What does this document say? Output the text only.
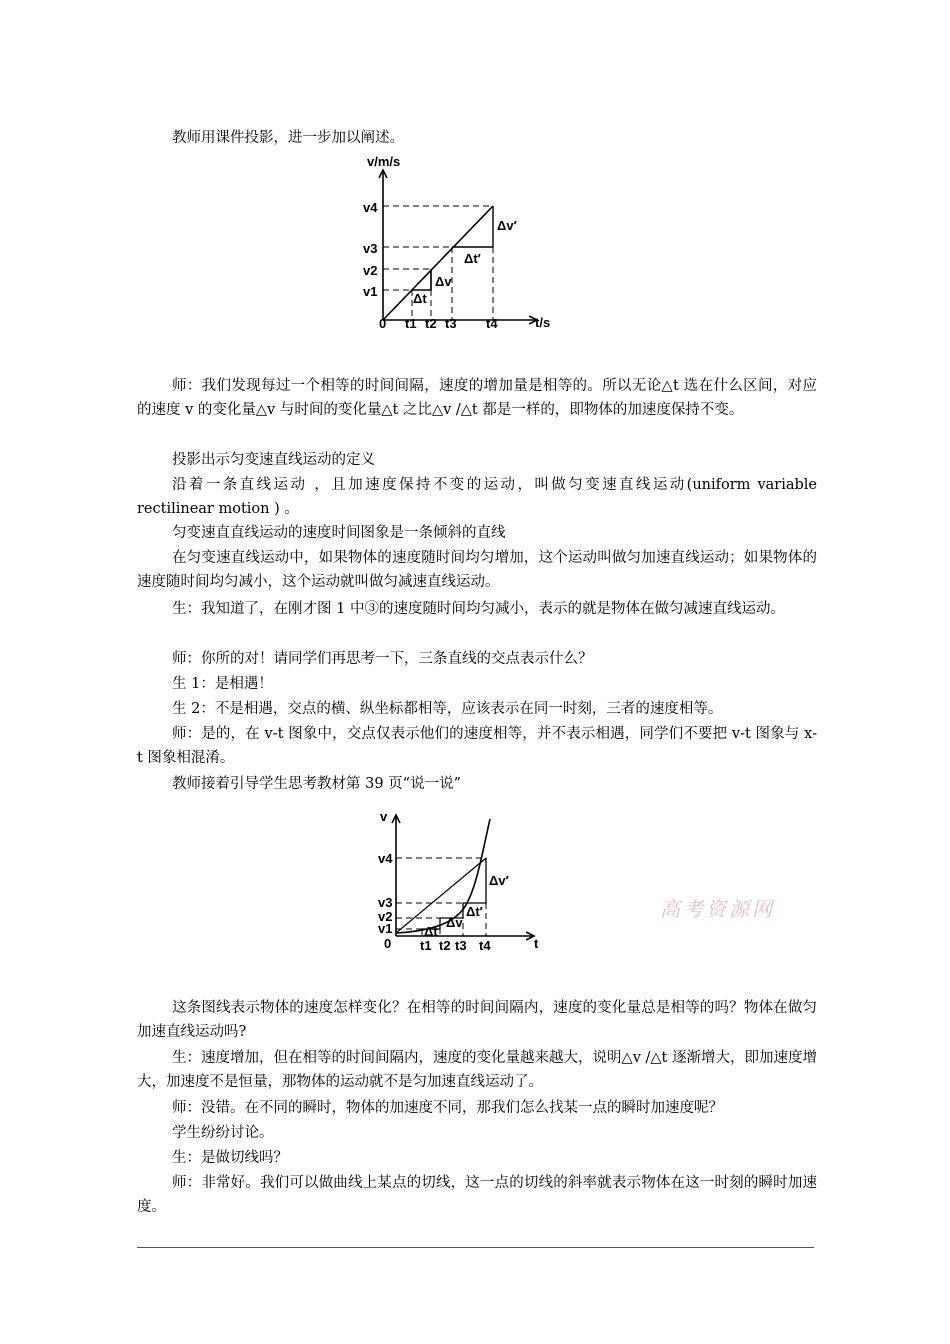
教师用课件投影，进一步加以阐述。

v/m/s
t/s
0
v4
v3
v2
v1
t1 t2 t3 t4
Δv′
Δt′
Δv
Δt

师：我们发现每过一个相等的时间间隔，速度的增加量是相等的。所以无论△t 选在什么区间，对应的速度 v 的变化量△v 与时间的变化量△t 之比△v /△t 都是一样的，即物体的加速度保持不变。

投影出示匀变速直线运动的定义

沿着一条直线运动 ，且加速度保持不变的运动，叫做匀变速直线运动(uniform variable rectilinear motion ) 。

匀变速直直线运动的速度时间图象是一条倾斜的直线

在匀变速直线运动中，如果物体的速度随时间均匀增加，这个运动叫做匀加速直线运动；如果物体的速度随时间均匀减小，这个运动就叫做匀减速直线运动。

生：我知道了，在刚才图 1 中③的速度随时间均匀减小，表示的就是物体在做匀减速直线运动。

师：你所的对！请同学们再思考一下，三条直线的交点表示什么？

生 1：是相遇！

生 2：不是相遇，交点的横、纵坐标都相等，应该表示在同一时刻，三者的速度相等。

师：是的，在 v-t 图象中，交点仅表示他们的速度相等，并不表示相遇，同学们不要把 v-t 图象与 x-t 图象相混淆。

教师接着引导学生思考教材第 39 页“说一说”

v
t
0
v4
v3
v2
v1
t1 t2 t3 t4
Δv′
Δt′
Δv
Δt
高考资源网

这条图线表示物体的速度怎样变化？在相等的时间间隔内，速度的变化量总是相等的吗？物体在做匀加速直线运动吗?

生：速度增加，但在相等的时间间隔内，速度的变化量越来越大，说明△v /△t 逐渐增大，即加速度增大，加速度不是恒量，那物体的运动就不是匀加速直线运动了。

师：没错。在不同的瞬时，物体的加速度不同，那我们怎么找某一点的瞬时加速度呢？

学生纷纷讨论。

生：是做切线吗？

师：非常好。我们可以做曲线上某点的切线，这一点的切线的斜率就表示物体在这一时刻的瞬时加速度。
